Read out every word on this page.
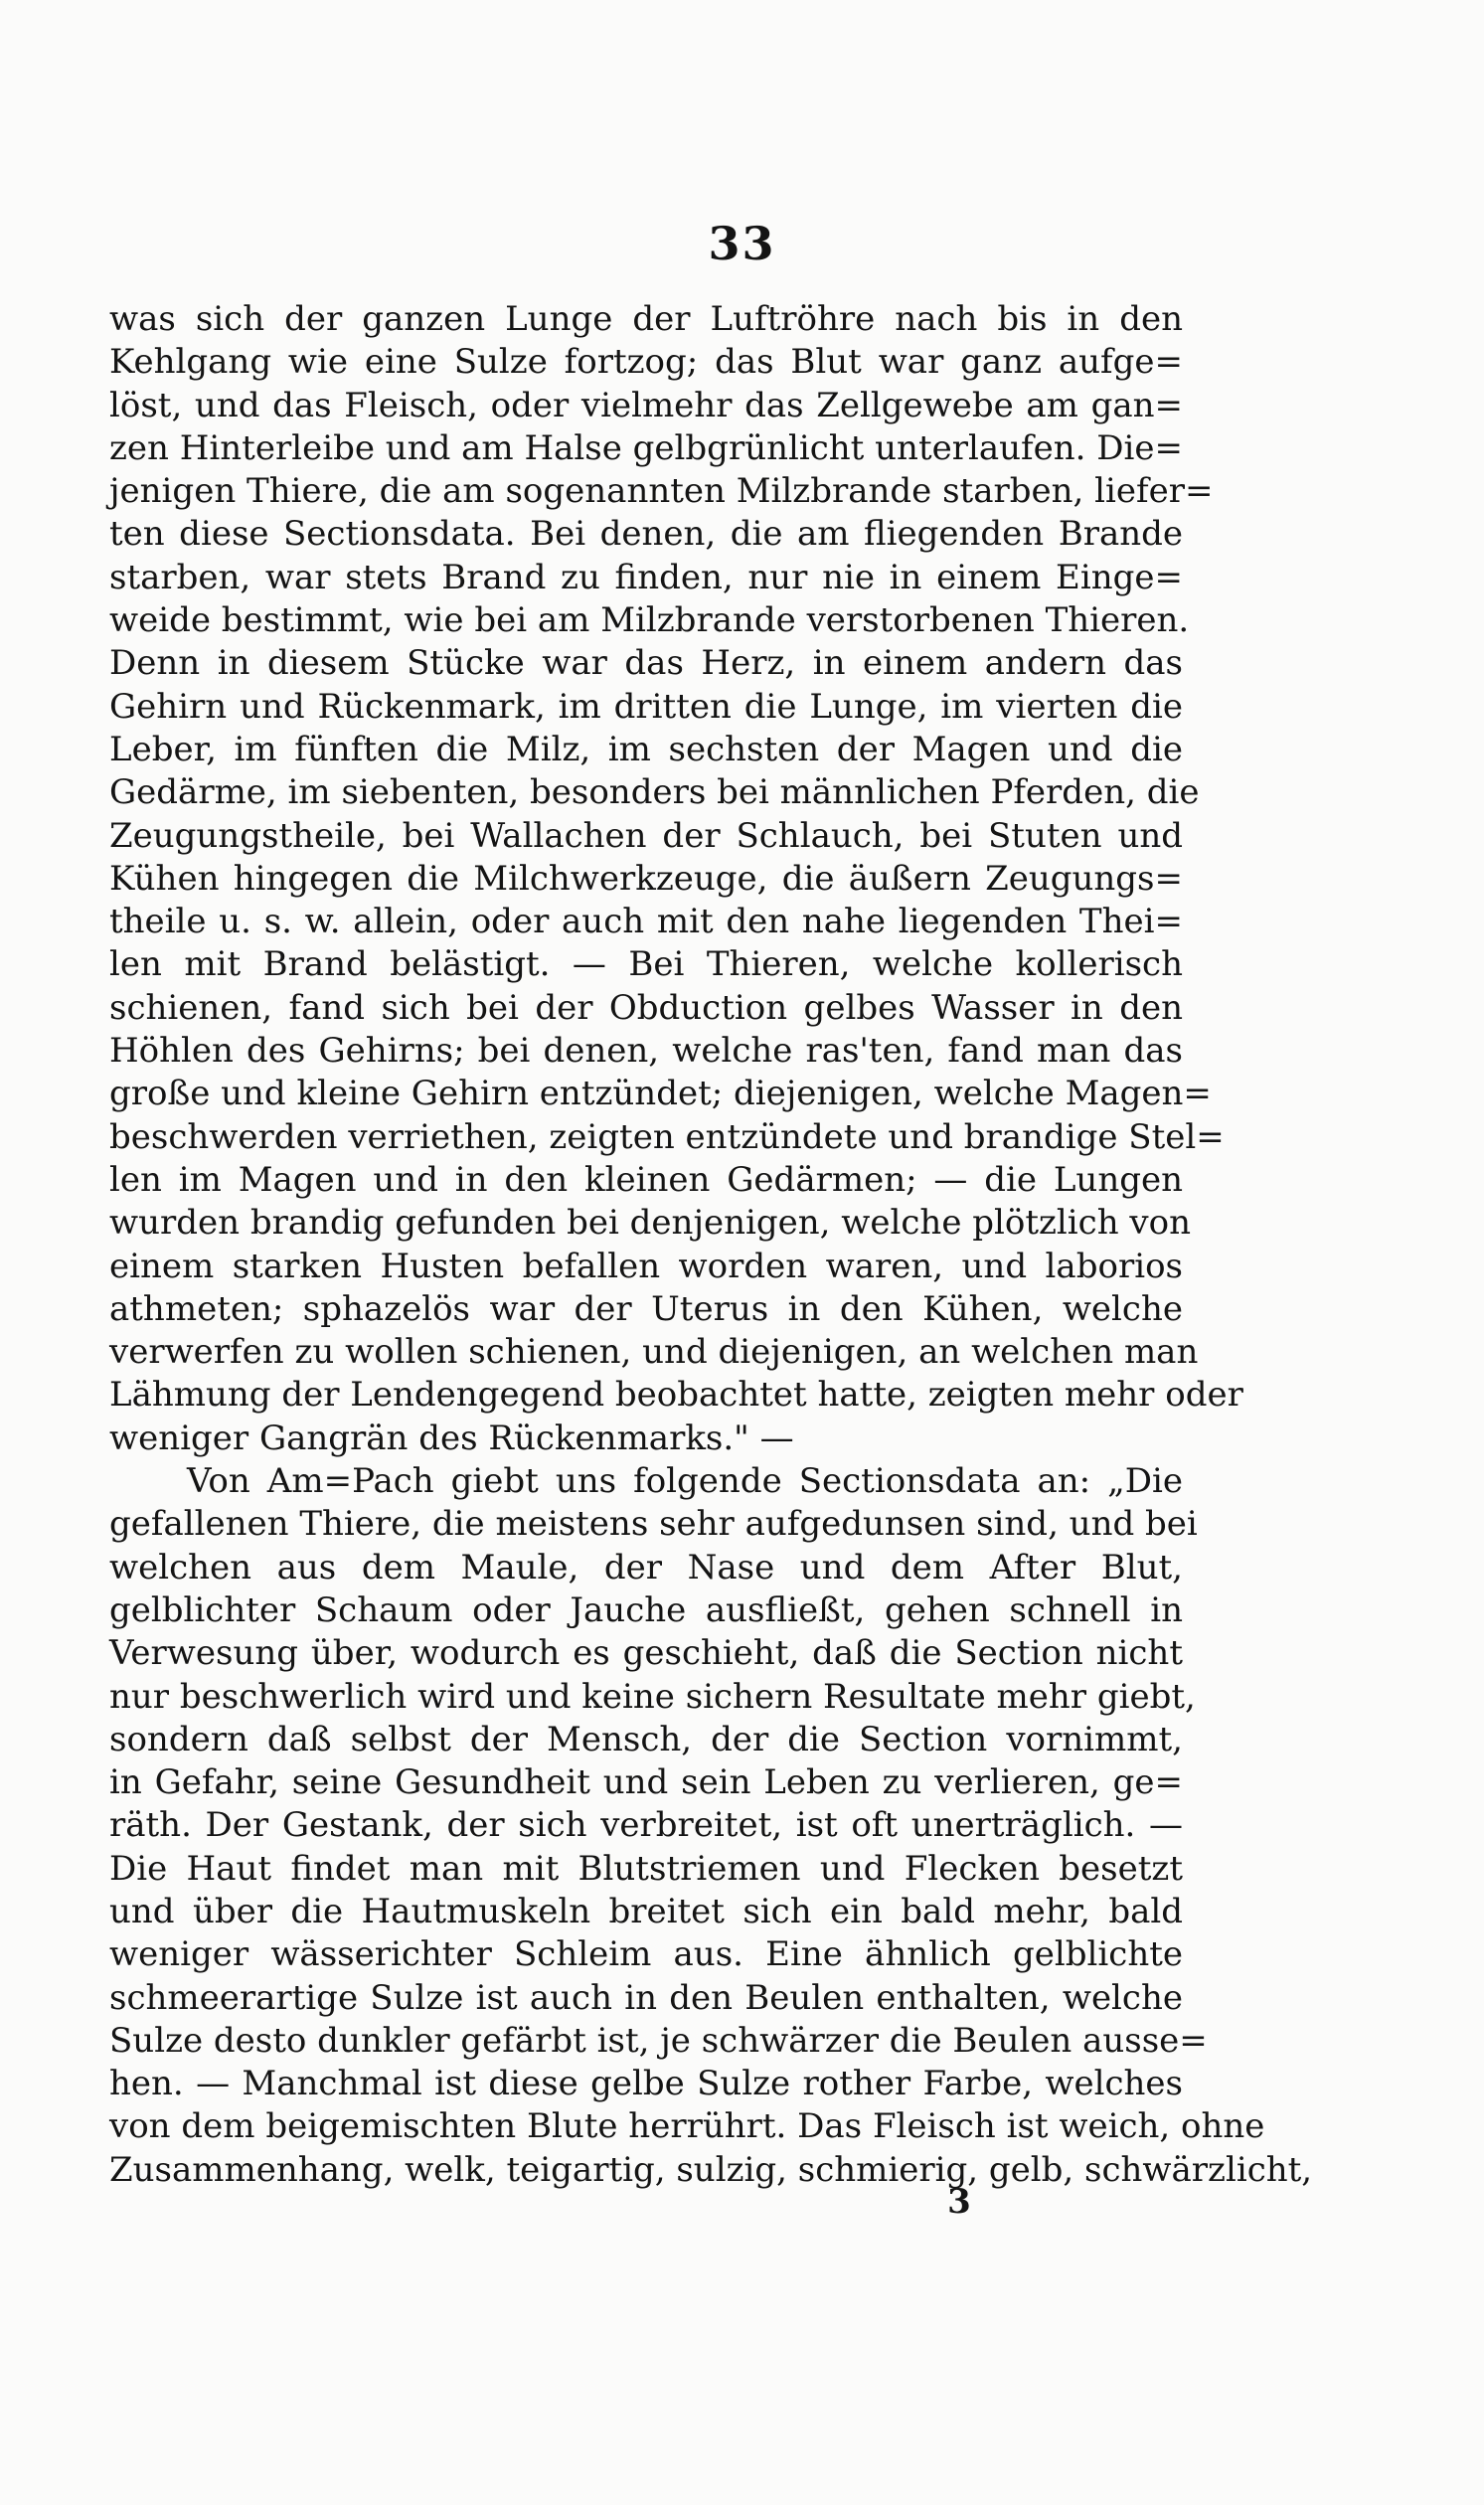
33
was sich der ganzen Lunge der Luftröhre nach bis in den
Kehlgang wie eine Sulze fortzog; das Blut war ganz aufge=
löst, und das Fleisch, oder vielmehr das Zellgewebe am gan=
zen Hinterleibe und am Halse gelbgrünlicht unterlaufen. Die=
jenigen Thiere, die am sogenannten Milzbrande starben, liefer=
ten diese Sectionsdata. Bei denen, die am fliegenden Brande
starben, war stets Brand zu finden, nur nie in einem Einge=
weide bestimmt, wie bei am Milzbrande verstorbenen Thieren.
Denn in diesem Stücke war das Herz, in einem andern das
Gehirn und Rückenmark, im dritten die Lunge, im vierten die
Leber, im fünften die Milz, im sechsten der Magen und die
Gedärme, im siebenten, besonders bei männlichen Pferden, die
Zeugungstheile, bei Wallachen der Schlauch, bei Stuten und
Kühen hingegen die Milchwerkzeuge, die äußern Zeugungs=
theile u. s. w. allein, oder auch mit den nahe liegenden Thei=
len mit Brand belästigt. — Bei Thieren, welche kollerisch
schienen, fand sich bei der Obduction gelbes Wasser in den
Höhlen des Gehirns; bei denen, welche ras'ten, fand man das
große und kleine Gehirn entzündet; diejenigen, welche Magen=
beschwerden verriethen, zeigten entzündete und brandige Stel=
len im Magen und in den kleinen Gedärmen; — die Lungen
wurden brandig gefunden bei denjenigen, welche plötzlich von
einem starken Husten befallen worden waren, und laborios
athmeten; sphazelös war der Uterus in den Kühen, welche
verwerfen zu wollen schienen, und diejenigen, an welchen man
Lähmung der Lendengegend beobachtet hatte, zeigten mehr oder
weniger Gangrän des Rückenmarks." —
Von Am=Pach giebt uns folgende Sectionsdata an: „Die
gefallenen Thiere, die meistens sehr aufgedunsen sind, und bei
welchen aus dem Maule, der Nase und dem After Blut,
gelblichter Schaum oder Jauche ausfließt, gehen schnell in
Verwesung über, wodurch es geschieht, daß die Section nicht
nur beschwerlich wird und keine sichern Resultate mehr giebt,
sondern daß selbst der Mensch, der die Section vornimmt,
in Gefahr, seine Gesundheit und sein Leben zu verlieren, ge=
räth. Der Gestank, der sich verbreitet, ist oft unerträglich. —
Die Haut findet man mit Blutstriemen und Flecken besetzt
und über die Hautmuskeln breitet sich ein bald mehr, bald
weniger wässerichter Schleim aus. Eine ähnlich gelblichte
schmeerartige Sulze ist auch in den Beulen enthalten, welche
Sulze desto dunkler gefärbt ist, je schwärzer die Beulen ausse=
hen. — Manchmal ist diese gelbe Sulze rother Farbe, welches
von dem beigemischten Blute herrührt. Das Fleisch ist weich, ohne
Zusammenhang, welk, teigartig, sulzig, schmierig, gelb, schwärzlicht,
3
